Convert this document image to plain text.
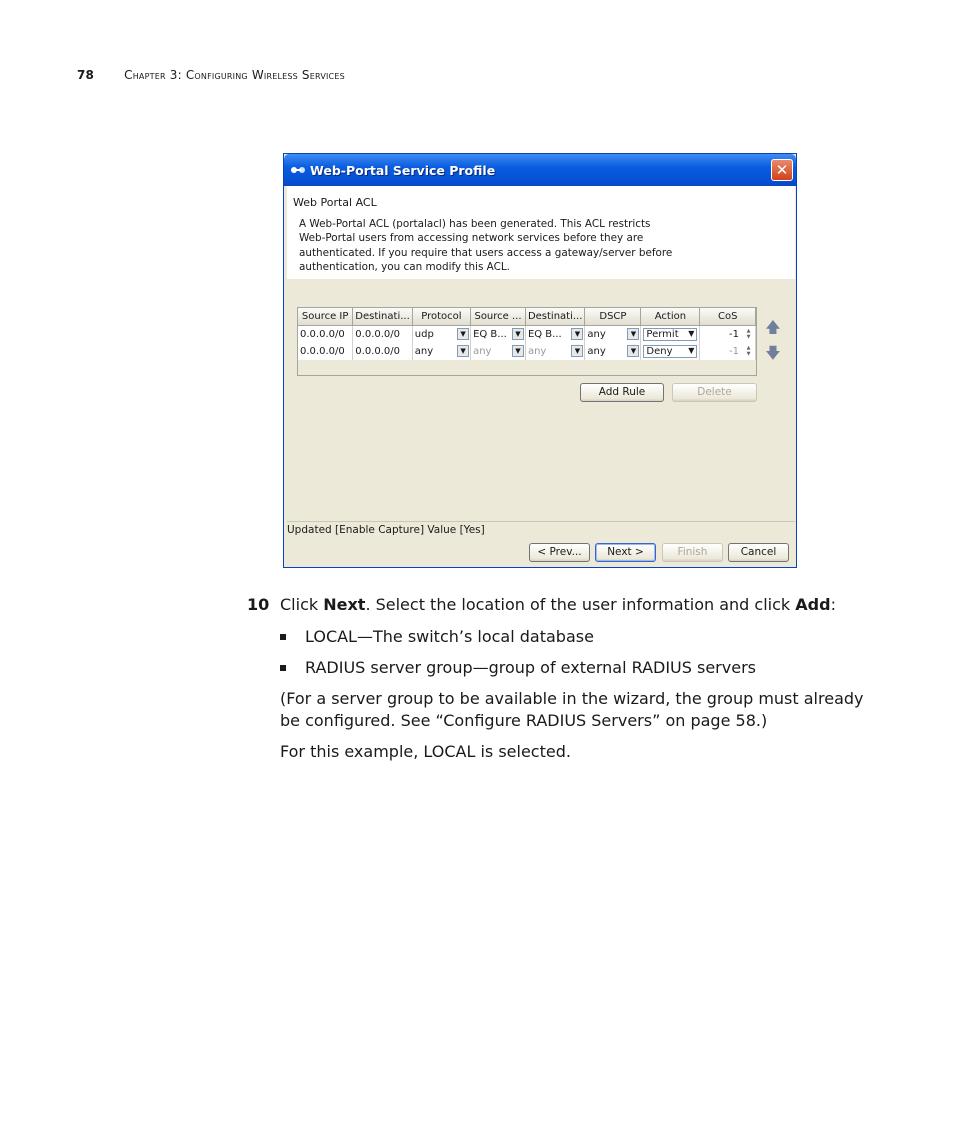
78	Chapter 3: Configuring Wireless Services
Web-Portal Service Profile	✕
Web Portal ACL
A Web-Portal ACL (portalacl) has been generated. This ACL restricts
Web-Portal users from accessing network services before they are
authenticated. If you require that users access a gateway/server before
authentication, you can modify this ACL.
Source IP	Destinati...	Protocol	Source ...	Destinati...	DSCP	Action	CoS
0.0.0.0/0	0.0.0.0/0	udp ▼	EQ B... ▼	EQ B... ▼	any ▼	Permit ▼	-1 ▲
▼

0.0.0.0/0	0.0.0.0/0	any ▼	any ▼	any ▼	any ▼	Deny ▼	-1 ▲
▼
🡅
🡇
Add Rule	Delete
Updated [Enable Capture] Value [Yes]
< Prev...	Next >	Finish	Cancel
10 Click Next. Select the location of the user information and click Add:
LOCAL—The switch’s local database
RADIUS server group—group of external RADIUS servers
(For a server group to be available in the wizard, the group must already be configured. See “Configure RADIUS Servers” on page 58.)
For this example, LOCAL is selected.
